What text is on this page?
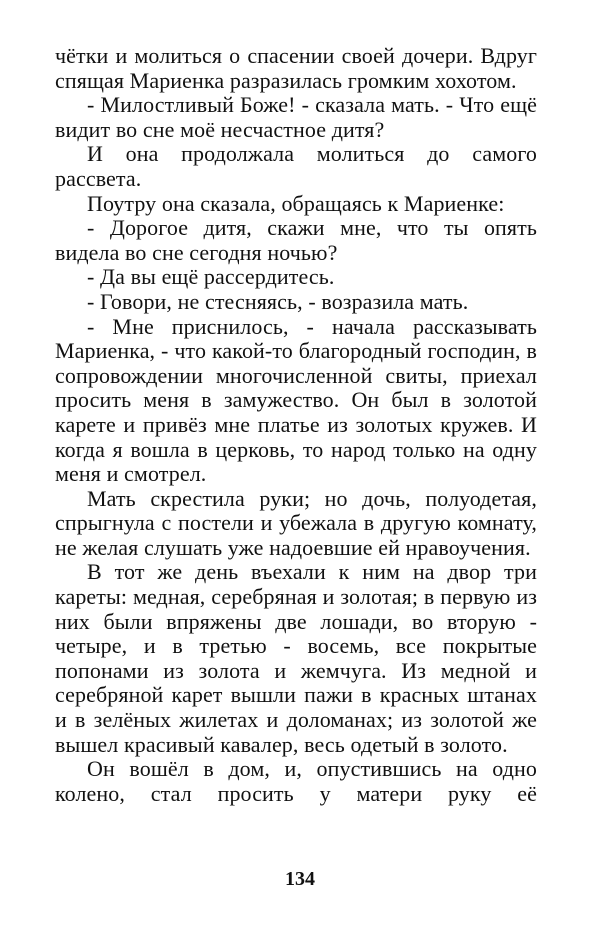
чётки и молиться о спасении своей дочери. Вдруг спящая Мариенка разразилась громким хохотом.

- Милостливый Боже! - сказала мать. - Что ещё видит во сне моё несчастное дитя?

И она продолжала молиться до самого рассвета.

Поутру она сказала, обращаясь к Мариенке:

- Дорогое дитя, скажи мне, что ты опять видела во сне сегодня ночью?

- Да вы ещё рассердитесь.

- Говори, не стесняясь, - возразила мать.

- Мне приснилось, - начала рассказывать Мариенка, - что какой-то благородный господин, в сопровождении многочисленной свиты, приехал просить меня в замужество. Он был в золотой карете и привёз мне платье из золотых кружев. И когда я вошла в церковь, то народ только на одну меня и смотрел.

Мать скрестила руки; но дочь, полуодетая, спрыгнула с постели и убежала в другую комнату, не желая слушать уже надоевшие ей нравоучения.

В тот же день въехали к ним на двор три кареты: медная, серебряная и золотая; в первую из них были впряжены две лошади, во вторую - четыре, и в третью - восемь, все покрытые попонами из золота и жемчуга. Из медной и серебряной карет вышли пажи в красных штанах и в зелёных жилетах и доломанах; из золотой же вышел красивый кавалер, весь одетый в золото.

Он вошёл в дом, и, опустившись на одно колено, стал просить у матери руку её

134
